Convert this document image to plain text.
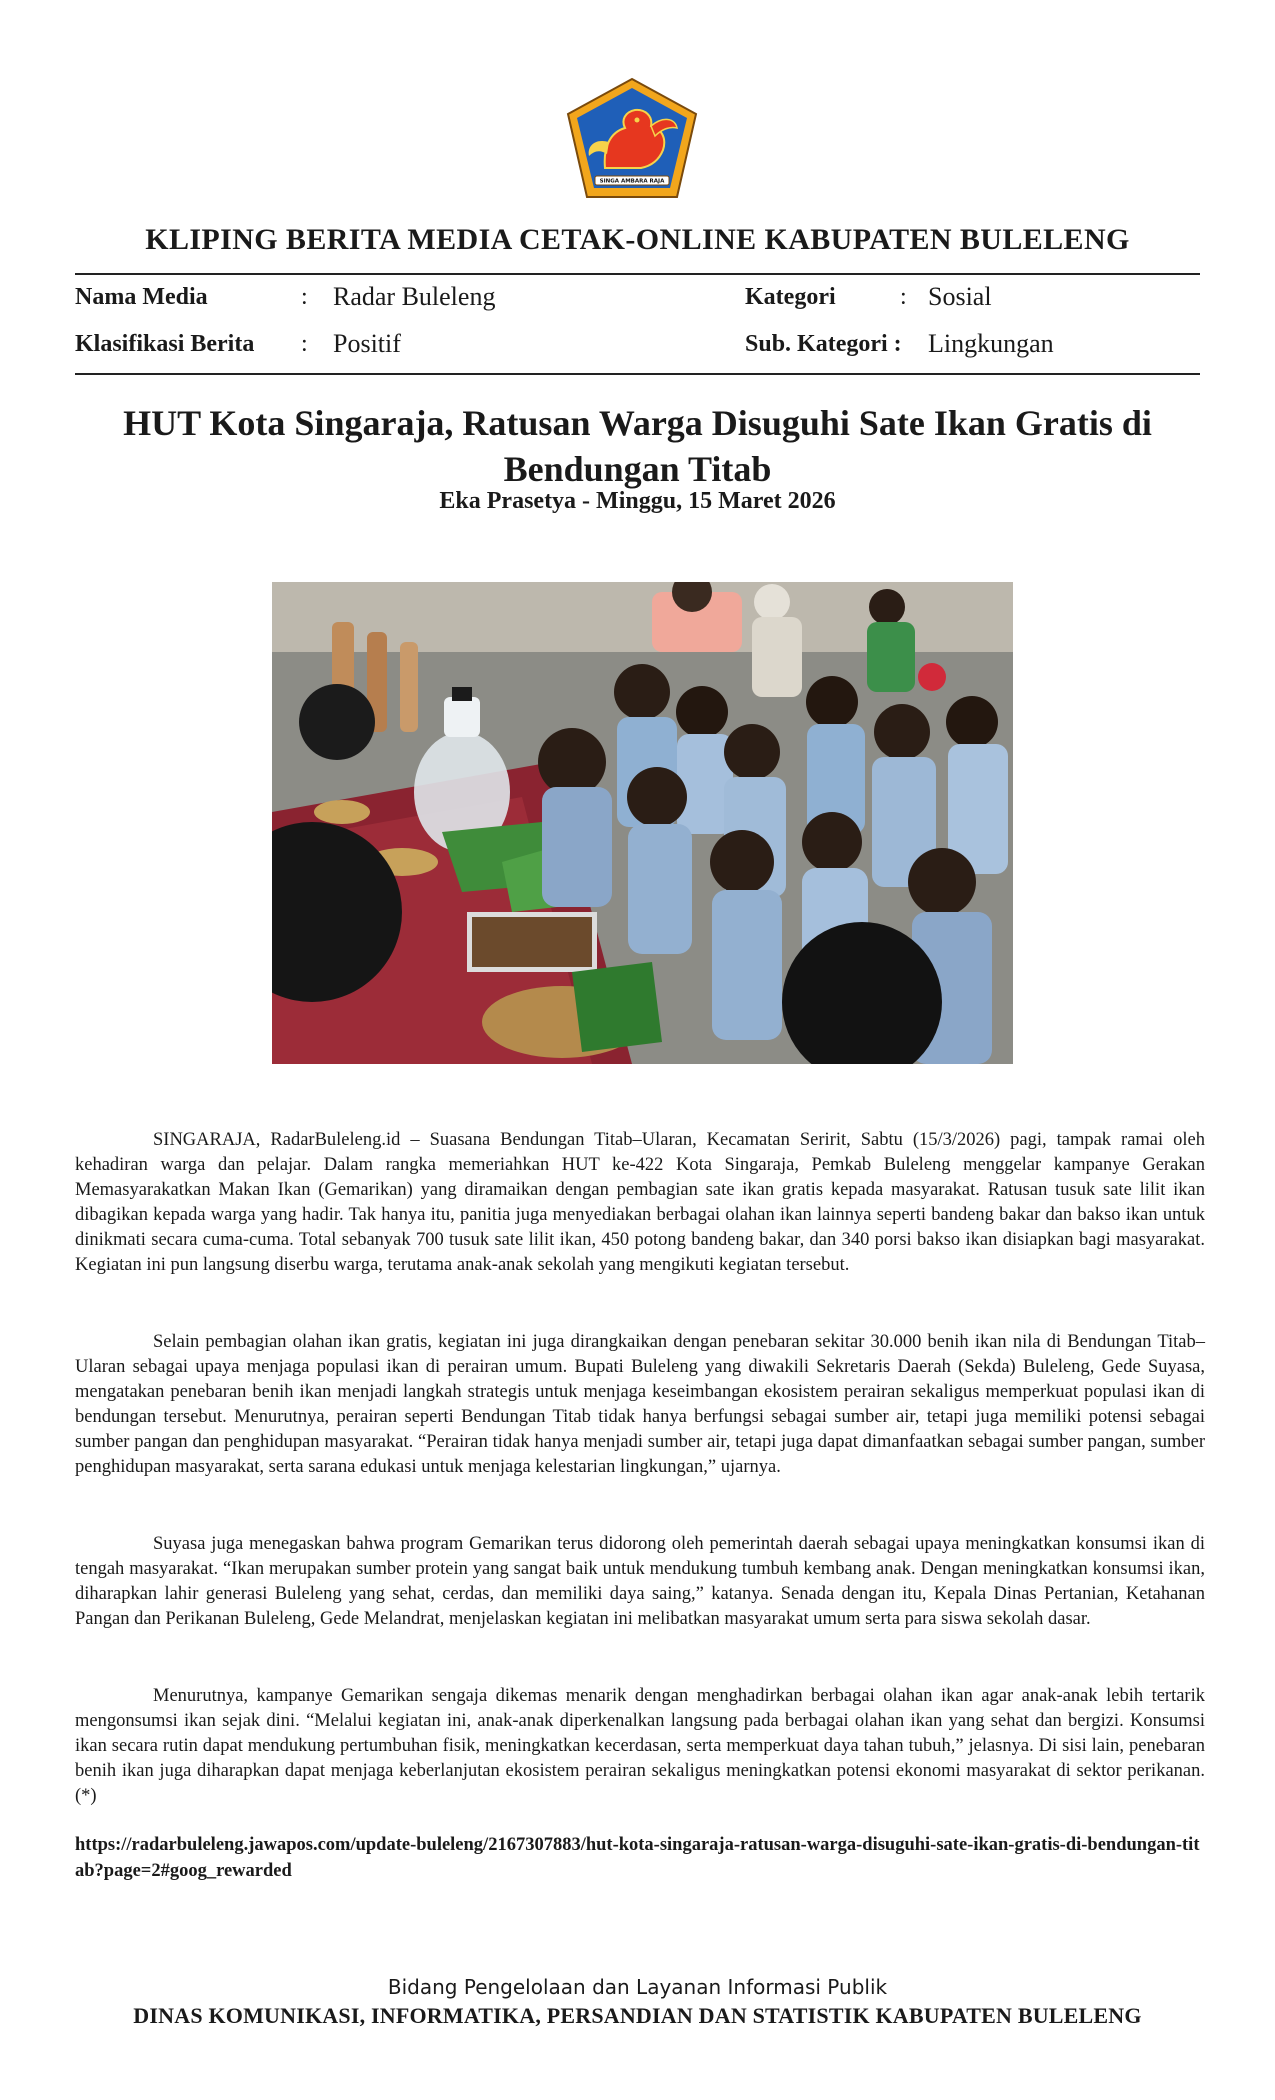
SINGA AMBARA RAJA
KLIPING BERITA MEDIA CETAK-ONLINE KABUPATEN BULELENG
Nama Media	: Radar Buleleng	Kategori	: Sosial
Klasifikasi Berita : Positif	Sub. Kategori : Lingkungan
HUT Kota Singaraja, Ratusan Warga Disuguhi Sate Ikan Gratis di Bendungan Titab
Eka Prasetya - Minggu, 15 Maret 2026

SINGARAJA, RadarBuleleng.id – Suasana Bendungan Titab–Ularan, Kecamatan Seririt, Sabtu (15/3/2026) pagi, tampak ramai oleh kehadiran warga dan pelajar. Dalam rangka memeriahkan HUT ke-422 Kota Singaraja, Pemkab Buleleng menggelar kampanye Gerakan Memasyarakatkan Makan Ikan (Gemarikan) yang diramaikan dengan pembagian sate ikan gratis kepada masyarakat. Ratusan tusuk sate lilit ikan dibagikan kepada warga yang hadir. Tak hanya itu, panitia juga menyediakan berbagai olahan ikan lainnya seperti bandeng bakar dan bakso ikan untuk dinikmati secara cuma-cuma. Total sebanyak 700 tusuk sate lilit ikan, 450 potong bandeng bakar, dan 340 porsi bakso ikan disiapkan bagi masyarakat. Kegiatan ini pun langsung diserbu warga, terutama anak-anak sekolah yang mengikuti kegiatan tersebut.

Selain pembagian olahan ikan gratis, kegiatan ini juga dirangkaikan dengan penebaran sekitar 30.000 benih ikan nila di Bendungan Titab–Ularan sebagai upaya menjaga populasi ikan di perairan umum. Bupati Buleleng yang diwakili Sekretaris Daerah (Sekda) Buleleng, Gede Suyasa, mengatakan penebaran benih ikan menjadi langkah strategis untuk menjaga keseimbangan ekosistem perairan sekaligus memperkuat populasi ikan di bendungan tersebut. Menurutnya, perairan seperti Bendungan Titab tidak hanya berfungsi sebagai sumber air, tetapi juga memiliki potensi sebagai sumber pangan dan penghidupan masyarakat. “Perairan tidak hanya menjadi sumber air, tetapi juga dapat dimanfaatkan sebagai sumber pangan, sumber penghidupan masyarakat, serta sarana edukasi untuk menjaga kelestarian lingkungan,” ujarnya.

Suyasa juga menegaskan bahwa program Gemarikan terus didorong oleh pemerintah daerah sebagai upaya meningkatkan konsumsi ikan di tengah masyarakat. “Ikan merupakan sumber protein yang sangat baik untuk mendukung tumbuh kembang anak. Dengan meningkatkan konsumsi ikan, diharapkan lahir generasi Buleleng yang sehat, cerdas, dan memiliki daya saing,” katanya. Senada dengan itu, Kepala Dinas Pertanian, Ketahanan Pangan dan Perikanan Buleleng, Gede Melandrat, menjelaskan kegiatan ini melibatkan masyarakat umum serta para siswa sekolah dasar.

Menurutnya, kampanye Gemarikan sengaja dikemas menarik dengan menghadirkan berbagai olahan ikan agar anak-anak lebih tertarik mengonsumsi ikan sejak dini. “Melalui kegiatan ini, anak-anak diperkenalkan langsung pada berbagai olahan ikan yang sehat dan bergizi. Konsumsi ikan secara rutin dapat mendukung pertumbuhan fisik, meningkatkan kecerdasan, serta memperkuat daya tahan tubuh,” jelasnya. Di sisi lain, penebaran benih ikan juga diharapkan dapat menjaga keberlanjutan ekosistem perairan sekaligus meningkatkan potensi ekonomi masyarakat di sektor perikanan. (*)

https://radarbuleleng.jawapos.com/update-buleleng/2167307883/hut-kota-singaraja-ratusan-warga-disuguhi-sate-ikan-gratis-di-bendungan-titab?page=2#goog_rewarded

Bidang Pengelolaan dan Layanan Informasi Publik
DINAS KOMUNIKASI, INFORMATIKA, PERSANDIAN DAN STATISTIK KABUPATEN BULELENG
